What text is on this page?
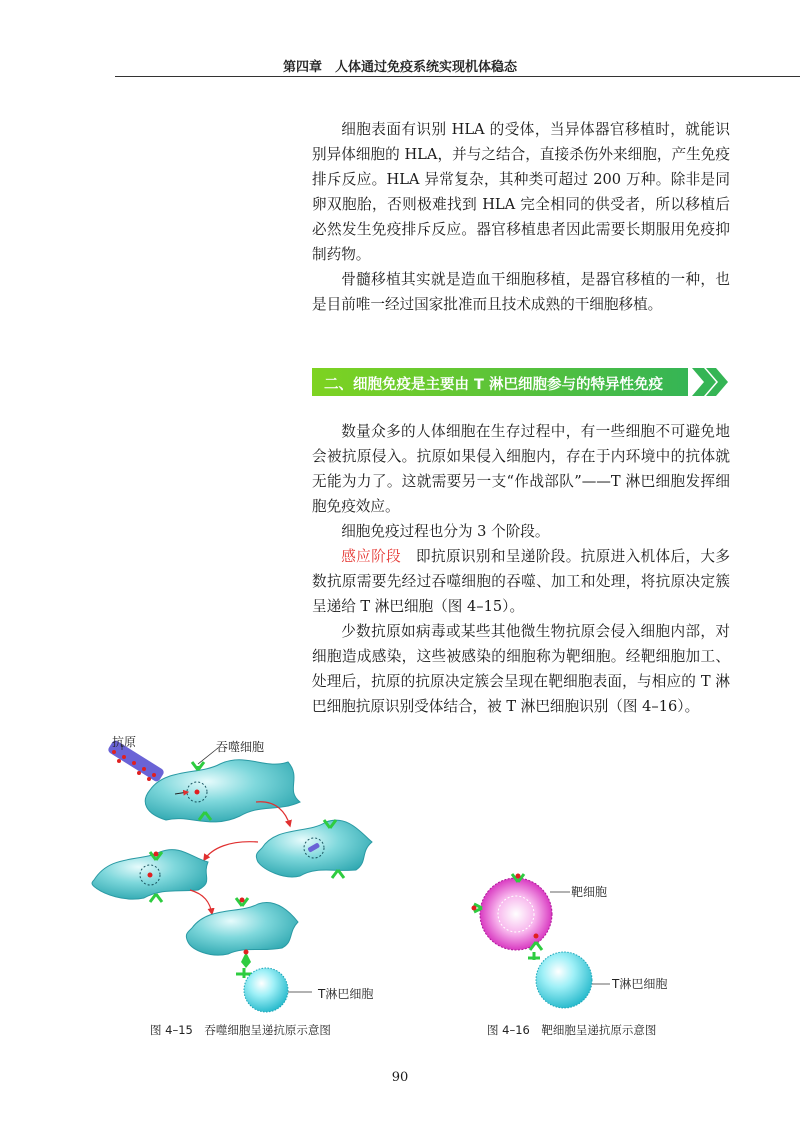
第四章　人体通过免疫系统实现机体稳态

细胞表面有识别 HLA 的受体，当异体器官移植时，就能识别异体细胞的 HLA，并与之结合，直接杀伤外来细胞，产生免疫排斥反应。HLA 异常复杂，其种类可超过 200 万种。除非是同卵双胞胎，否则极难找到 HLA 完全相同的供受者，所以移植后必然发生免疫排斥反应。器官移植患者因此需要长期服用免疫抑制药物。

骨髓移植其实就是造血干细胞移植，是器官移植的一种，也是目前唯一经过国家批准而且技术成熟的干细胞移植。

二、细胞免疫是主要由 T 淋巴细胞参与的特异性免疫

数量众多的人体细胞在生存过程中，有一些细胞不可避免地会被抗原侵入。抗原如果侵入细胞内，存在于内环境中的抗体就无能为力了。这就需要另一支“作战部队”——T 淋巴细胞发挥细胞免疫效应。

细胞免疫过程也分为 3 个阶段。

感应阶段　即抗原识别和呈递阶段。抗原进入机体后，大多数抗原需要先经过吞噬细胞的吞噬、加工和处理，将抗原决定簇呈递给 T 淋巴细胞（图 4–15）。

少数抗原如病毒或某些其他微生物抗原会侵入细胞内部，对细胞造成感染，这些被感染的细胞称为靶细胞。经靶细胞加工、处理后，抗原的抗原决定簇会呈现在靶细胞表面，与相应的 T 淋巴细胞抗原识别受体结合，被 T 淋巴细胞识别（图 4–16）。

抗原	吞噬细胞
T淋巴细胞
靶细胞
T淋巴细胞
图 4–15　吞噬细胞呈递抗原示意图	图 4–16　靶细胞呈递抗原示意图
90
